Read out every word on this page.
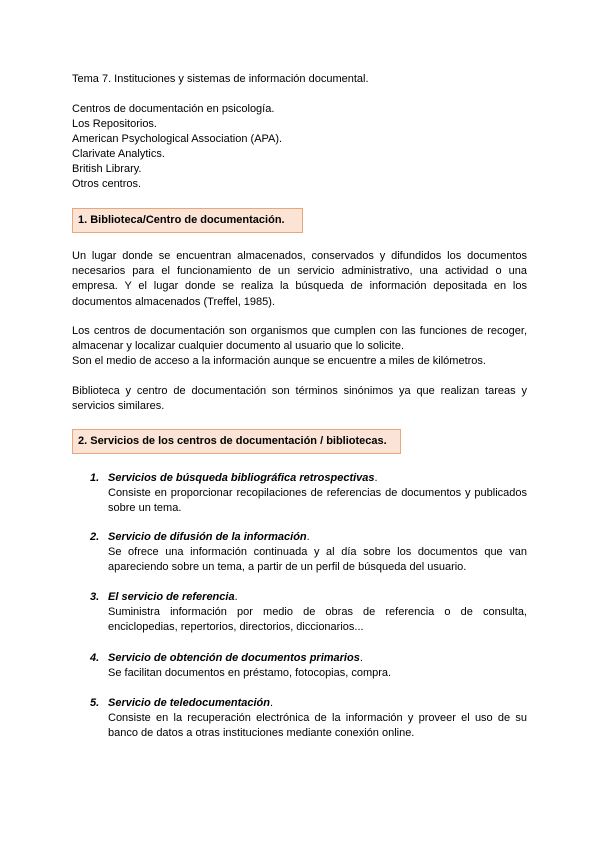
Tema 7. Instituciones y sistemas de información documental.
Centros de documentación en psicología.
Los Repositorios.
American Psychological Association (APA).
Clarivate Analytics.
British Library.
Otros centros.
1. Biblioteca/Centro de documentación.

Un lugar donde se encuentran almacenados, conservados y difundidos los documentos necesarios para el funcionamiento de un servicio administrativo, una actividad o una empresa. Y el lugar donde se realiza la búsqueda de información depositada en los documentos almacenados (Treffel, 1985).

Los centros de documentación son organismos que cumplen con las funciones de recoger, almacenar y localizar cualquier documento al usuario que lo solicite.

Son el medio de acceso a la información aunque se encuentre a miles de kilómetros.

Biblioteca y centro de documentación son términos sinónimos ya que realizan tareas y servicios similares.

2. Servicios de los centros de documentación / bibliotecas.
1. Servicios de búsqueda bibliográfica retrospectivas.
Consiste en proporcionar recopilaciones de referencias de documentos y publicados sobre un tema.
2. Servicio de difusión de la información.
Se ofrece una información continuada y al día sobre los documentos que van apareciendo sobre un tema, a partir de un perfil de búsqueda del usuario.
3. El servicio de referencia.
Suministra información por medio de obras de referencia o de consulta, enciclopedias, repertorios, directorios, diccionarios...
4. Servicio de obtención de documentos primarios.
Se facilitan documentos en préstamo, fotocopias, compra.
5. Servicio de teledocumentación.
Consiste en la recuperación electrónica de la información y proveer el uso de su banco de datos a otras instituciones mediante conexión online.
